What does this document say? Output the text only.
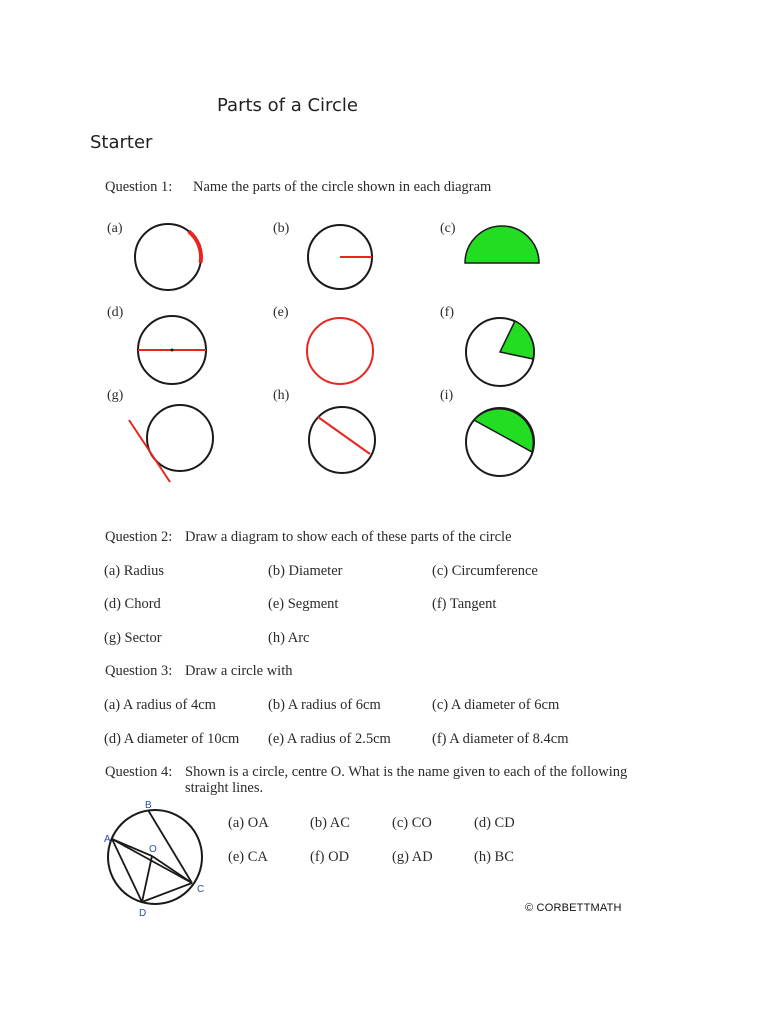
Parts of a Circle
Starter
Question 1: Name the parts of the circle shown in each diagram
(a)	(b)	(c)
(d)	(e)	(f)
(g)	(h)	(i)
Question 2: Draw a diagram to show each of these parts of the circle
(a) Radius	(b) Diameter	(c) Circumference
(d) Chord	(e) Segment	(f) Tangent
(g) Sector	(h) Arc
Question 3: Draw a circle with
(a) A radius of 4cm	(b) A radius of 6cm	(c) A diameter of 6cm
(d) A diameter of 10cm (e) A radius of 2.5cm	(f) A diameter of 8.4cm
Question 4: Shown is a circle, centre O. What is the name given to each of the following
straight lines.
(a) OA	(b) AC	(c) CO	(d) CD
(e) CA	(f) OD	(g) AD	(h) BC
A
B
C
D
O
© CORBETTMATH
